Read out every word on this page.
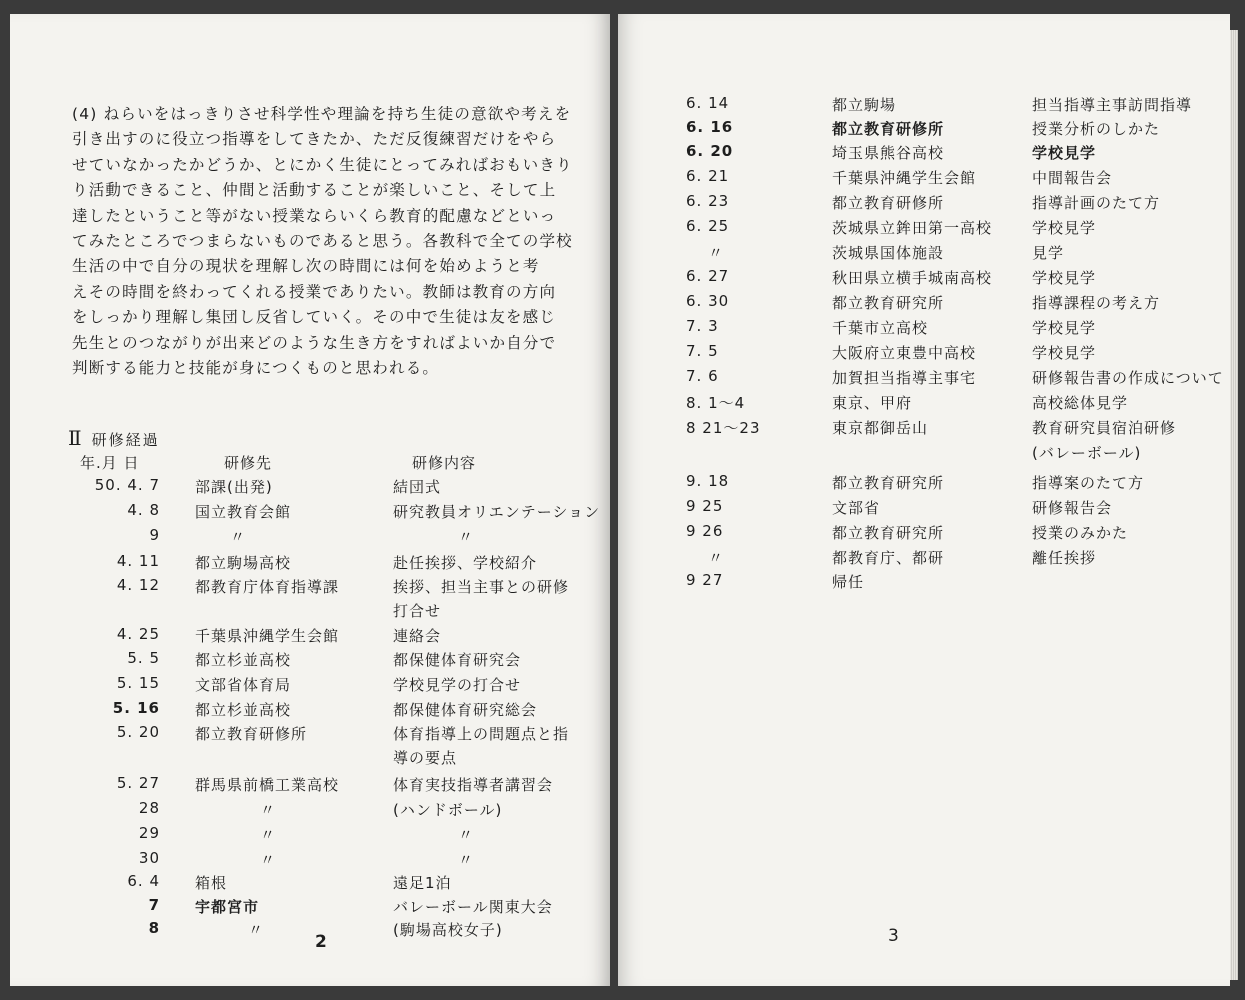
(4) ねらいをはっきりさせ科学性や理論を持ち生徒の意欲や考えを
引き出すのに役立つ指導をしてきたか、ただ反復練習だけをやら
せていなかったかどうか、とにかく生徒にとってみればおもいきり
り活動できること、仲間と活動することが楽しいこと、そして上
達したということ等がない授業ならいくら教育的配慮などといっ
てみたところでつまらないものであると思う。各教科で全ての学校
生活の中で自分の現状を理解し次の時間には何を始めようと考
えその時間を終わってくれる授業でありたい。教師は教育の方向
をしっかり理解し集団し反省していく。その中で生徒は友を感じ
先生とのつながりが出来どのような生き方をすればよいか自分で
判断する能力と技能が身につくものと思われる。

Ⅱ 研修経過
年.月 日	研修先	研修内容
50. 4. 7 部課(出発)	結団式
4. 8 国立教育会館	研究教員オリエンテーション
9	〃	〃
4. 11 都立駒場高校	赴任挨拶、学校紹介
4. 12 都教育庁体育指導課	挨拶、担当主事との研修
打合せ
4. 25 千葉県沖縄学生会館	連絡会
5. 5 都立杉並高校	都保健体育研究会
5. 15 文部省体育局	学校見学の打合せ
5. 16 都立杉並高校	都保健体育研究総会
5. 20 都立教育研修所	体育指導上の問題点と指
導の要点
5. 27 群馬県前橋工業高校	体育実技指導者講習会
28	〃	(ハンドボール)
29	〃	〃
30	〃	〃
6. 4 箱根	遠足1泊
7 宇都宮市	バレーボール関東大会
8	〃	(駒場高校女子)
2
6. 14	都立駒場	担当指導主事訪問指導
6. 16	都立教育研修所	授業分析のしかた
6. 20	埼玉県熊谷高校	学校見学
6. 21	千葉県沖縄学生会館	中間報告会
6. 23	都立教育研修所	指導計画のたて方
6. 25	茨城県立鉾田第一高校	学校見学
〃	茨城県国体施設	見学
6. 27	秋田県立横手城南高校	学校見学
6. 30	都立教育研究所	指導課程の考え方
7. 3	千葉市立高校	学校見学
7. 5	大阪府立東豊中高校	学校見学
7. 6	加賀担当指導主事宅	研修報告書の作成について
8. 1〜4	東京、甲府	高校総体見学
8 21〜23	東京都御岳山	教育研究員宿泊研修
(バレーボール)
9. 18	都立教育研究所	指導案のたて方
9 25	文部省	研修報告会
9 26	都立教育研究所	授業のみかた
〃	都教育庁、都研	離任挨拶
9 27	帰任
3
